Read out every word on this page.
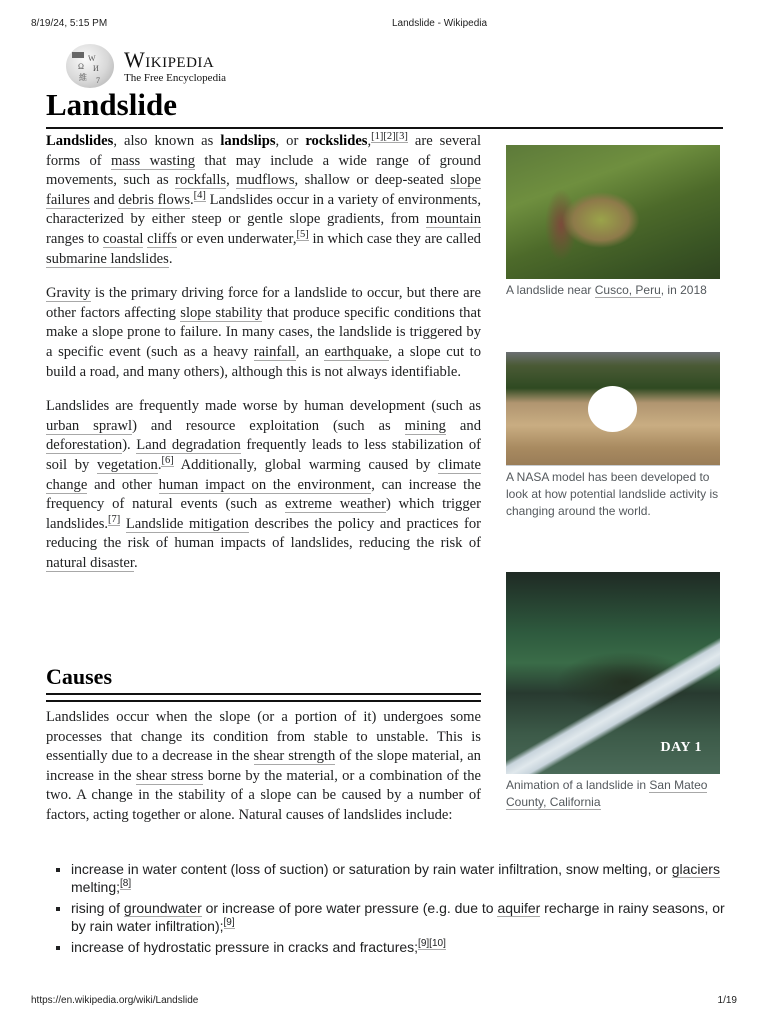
8/19/24, 5:15 PM	Landslide - Wikipedia
W
Ω И
維 7
Wikipedia
The Free Encyclopedia
Landslide

Landslides, also known as landslips, or rockslides,[1][2][3] are several forms of mass wasting that may include a wide range of ground movements, such as rockfalls, mudflows, shallow or deep-seated slope failures and debris flows.[4] Landslides occur in a variety of environments, characterized by either steep or gentle slope gradients, from mountain ranges to coastal cliffs or even underwater,[5] in which case they are called submarine landslides.

Gravity is the primary driving force for a landslide to occur, but there are other factors affecting slope stability that produce specific conditions that make a slope prone to failure. In many cases, the landslide is triggered by a specific event (such as a heavy rainfall, an earthquake, a slope cut to build a road, and many others), although this is not always identifiable.

Landslides are frequently made worse by human development (such as urban sprawl) and resource exploitation (such as mining and deforestation). Land degradation frequently leads to less stabilization of soil by vegetation.[6] Additionally, global warming caused by climate change and other human impact on the environment, can increase the frequency of natural events (such as extreme weather) which trigger landslides.[7] Landslide mitigation describes the policy and practices for reducing the risk of human impacts of landslides, reducing the risk of natural disaster.

Causes

Landslides occur when the slope (or a portion of it) undergoes some processes that change its condition from stable to unstable. This is essentially due to a decrease in the shear strength of the slope material, an increase in the shear stress borne by the material, or a combination of the two. A change in the stability of a slope can be caused by a number of factors, acting together or alone. Natural causes of landslides include:

increase in water content (loss of suction) or saturation by rain water infiltration, snow melting, or glaciers melting;[8]
rising of groundwater or increase of pore water pressure (e.g. due to aquifer recharge in rainy seasons, or by rain water infiltration);[9]
increase of hydrostatic pressure in cracks and fractures;[9][10]
A landslide near Cusco, Peru, in 2018
A NASA model has been developed to look at how potential landslide activity is changing around the world.
DAY 1
Animation of a landslide in San Mateo County, California
https://en.wikipedia.org/wiki/Landslide	1/19
